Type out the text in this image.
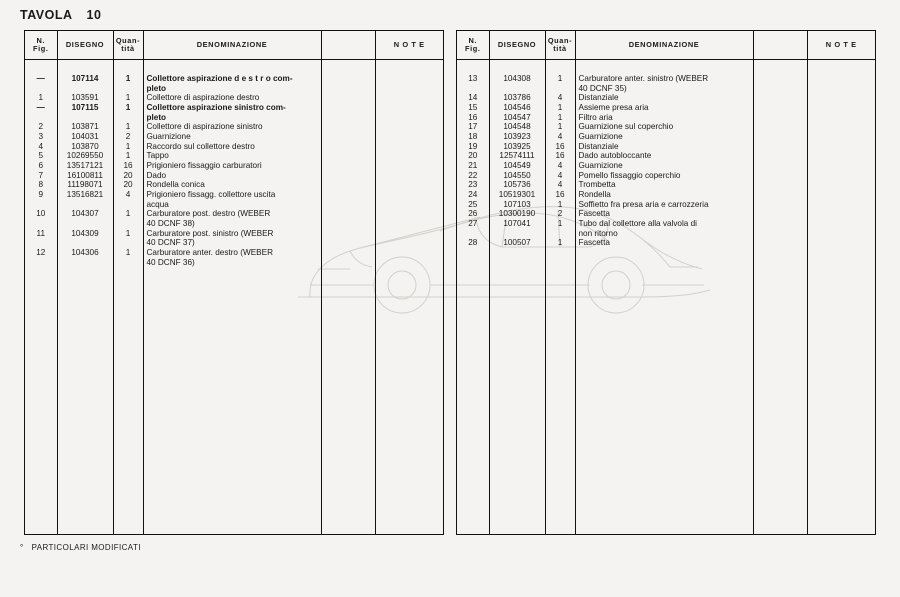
TAVOLA 10
N.
Fig.	DISEGNO	Quan-
tità	DENOMINAZIONE		N O T E

—	107114	1	Collettore aspirazione d e s t r o com-
pleto		

1	103591	1	Collettore di aspirazione destro		

—	107115	1	Collettore aspirazione sinistro com-
pleto		

2	103871	1	Collettore di aspirazione sinistro		

3	104031	2	Guarnizione		

4	103870	1	Raccordo sul collettore destro		

5	10269550	1	Tappo		

6	13517121	16	Prigioniero fissaggio carburatori		

7	16100811	20	Dado		

8	11198071	20	Rondella conica		

9	13516821	4	Prigioniero fissagg. collettore uscita
acqua		

10	104307	1	Carburatore post. destro (WEBER
40 DCNF 38)		

11	104309	1	Carburatore post. sinistro (WEBER
40 DCNF 37)		

12	104306	1	Carburatore anter. destro (WEBER
40 DCNF 36)		

N.
Fig.	DISEGNO	Quan-
tità	DENOMINAZIONE		N O T E

13	104308	1	Carburatore anter. sinistro (WEBER
40 DCNF 35)		

14	103786	4	Distanziale		

15	104546	1	Assieme presa aria		

16	104547	1	Filtro aria		

17	104548	1	Guarnizione sul coperchio		

18	103923	4	Guarnizione		

19	103925	16	Distanziale		

20	12574111	16	Dado autobloccante		

21	104549	4	Guarnizione		

22	104550	4	Pomello fissaggio coperchio		

23	105736	4	Trombetta		

24	10519301	16	Rondella		

25	107103	1	Soffietto fra presa aria e carrozzeria		

26	10300190	2	Fascetta		

27	107041	1	Tubo dal collettore alla valvola di
non ritorno		

28	100507	1	Fascetta		

° PARTICOLARI MODIFICATI
